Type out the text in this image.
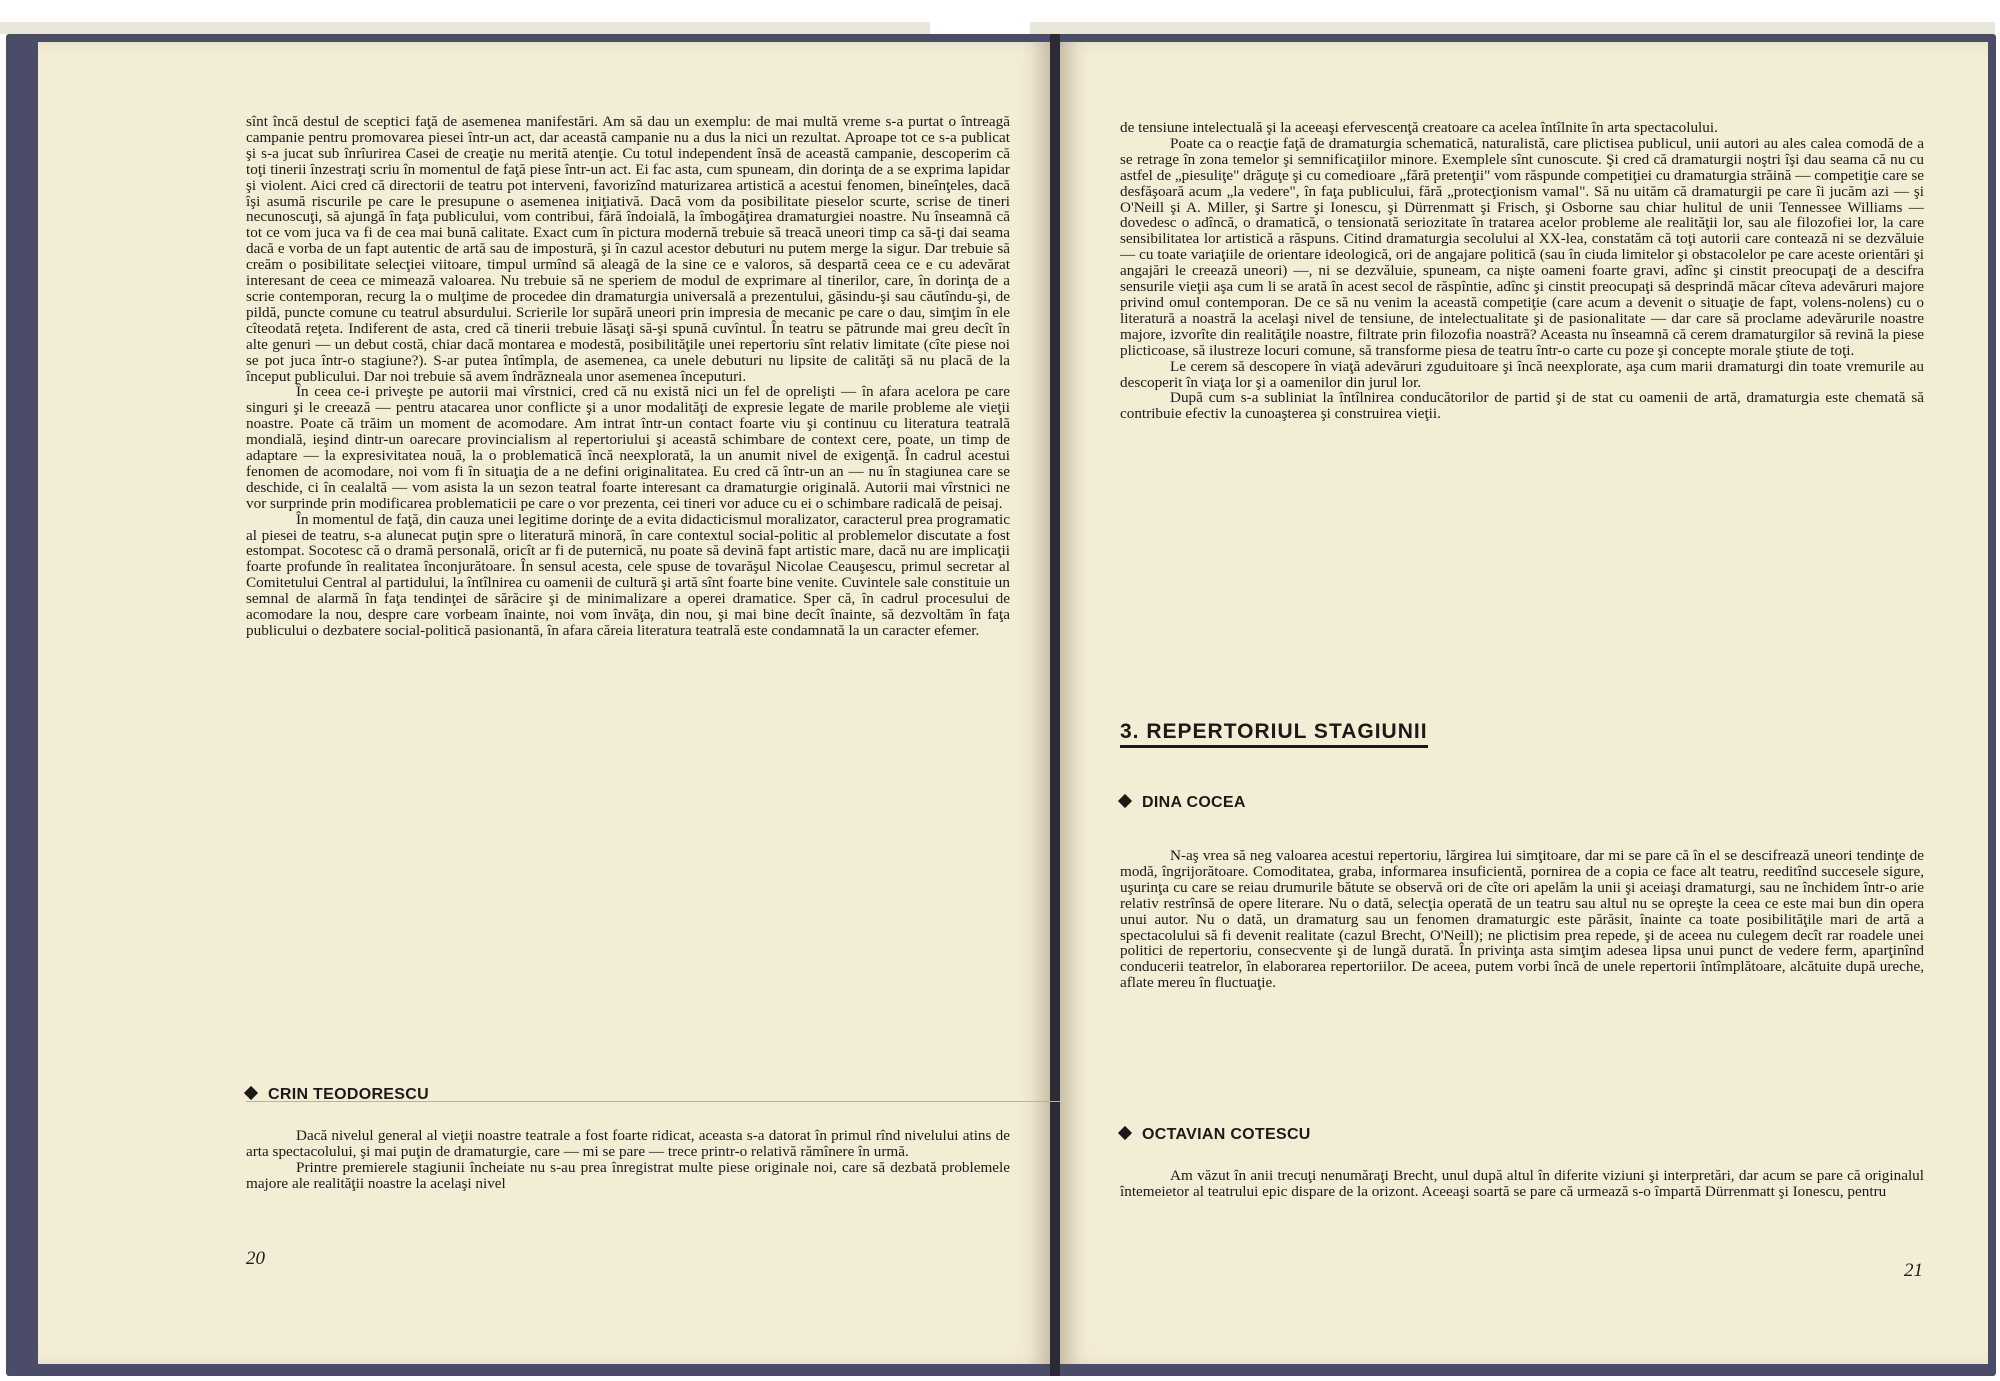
sînt încă destul de sceptici faţă de asemenea manifestări. Am să dau un exemplu: de mai multă vreme s-a purtat o întreagă campanie pentru promovarea piesei într-un act, dar această campanie nu a dus la nici un rezultat. Aproape tot ce s-a publicat şi s-a jucat sub înrîurirea Casei de creaţie nu merită atenţie. Cu totul independent însă de această campanie, descoperim că toţi tinerii înzestraţi scriu în momentul de faţă piese într-un act. Ei fac asta, cum spuneam, din dorinţa de a se exprima lapidar şi violent. Aici cred că directorii de teatru pot interveni, favorizînd maturizarea artistică a acestui fenomen, bineînţeles, dacă îşi asumă riscurile pe care le presupune o asemenea iniţiativă. Dacă vom da posibilitate pieselor scurte, scrise de tineri necunoscuţi, să ajungă în faţa publicului, vom contribui, fără îndoială, la îmbogăţirea dramaturgiei noastre. Nu înseamnă că tot ce vom juca va fi de cea mai bună calitate. Exact cum în pictura modernă trebuie să treacă uneori timp ca să-ţi dai seama dacă e vorba de un fapt autentic de artă sau de impostură, şi în cazul acestor debuturi nu putem merge la sigur. Dar trebuie să creăm o posibilitate selecţiei viitoare, timpul urmînd să aleagă de la sine ce e valoros, să despartă ceea ce e cu adevărat interesant de ceea ce mimează valoarea. Nu trebuie să ne speriem de modul de exprimare al tinerilor, care, în dorinţa de a scrie contemporan, recurg la o mulţime de procedee din dramaturgia universală a prezentului, găsindu-şi sau căutîndu-şi, de pildă, puncte comune cu teatrul absurdului. Scrierile lor supără uneori prin impresia de mecanic pe care o dau, simţim în ele cîteodată reţeta. Indiferent de asta, cred că tinerii trebuie lăsaţi să-şi spună cuvîntul. În teatru se pătrunde mai greu decît în alte genuri — un debut costă, chiar dacă montarea e modestă, posibilităţile unei repertoriu sînt relativ limitate (cîte piese noi se pot juca într-o stagiune?). S-ar putea întîmpla, de asemenea, ca unele debuturi nu lipsite de calităţi să nu placă de la început publicului. Dar noi trebuie să avem îndrăzneala unor asemenea începuturi.

În ceea ce-i priveşte pe autorii mai vîrstnici, cred că nu există nici un fel de oprelişti — în afara acelora pe care singuri şi le creează — pentru atacarea unor conflicte şi a unor modalităţi de expresie legate de marile probleme ale vieţii noastre. Poate că trăim un moment de acomodare. Am intrat într-un contact foarte viu şi continuu cu literatura teatrală mondială, ieşind dintr-un oarecare provincialism al repertoriului şi această schimbare de context cere, poate, un timp de adaptare — la expresivitatea nouă, la o problematică încă neexplorată, la un anumit nivel de exigenţă. În cadrul acestui fenomen de acomodare, noi vom fi în situaţia de a ne defini originalitatea. Eu cred că într-un an — nu în stagiunea care se deschide, ci în cealaltă — vom asista la un sezon teatral foarte interesant ca dramaturgie originală. Autorii mai vîrstnici ne vor surprinde prin modificarea problematicii pe care o vor prezenta, cei tineri vor aduce cu ei o schimbare radicală de peisaj.

În momentul de faţă, din cauza unei legitime dorinţe de a evita didacticismul moralizator, caracterul prea programatic al piesei de teatru, s-a alunecat puţin spre o literatură minoră, în care contextul social-politic al problemelor discutate a fost estompat. Socotesc că o dramă personală, oricît ar fi de puternică, nu poate să devină fapt artistic mare, dacă nu are implicaţii foarte profunde în realitatea înconjurătoare. În sensul acesta, cele spuse de tovarăşul Nicolae Ceauşescu, primul secretar al Comitetului Central al partidului, la întîlnirea cu oamenii de cultură şi artă sînt foarte bine venite. Cuvintele sale constituie un semnal de alarmă în faţa tendinţei de sărăcire şi de minimalizare a operei dramatice. Sper că, în cadrul procesului de acomodare la nou, despre care vorbeam înainte, noi vom învăţa, din nou, şi mai bine decît înainte, să dezvoltăm în faţa publicului o dezbatere social-politică pasionantă, în afara căreia literatura teatrală este condamnată la un caracter efemer.

CRIN TEODORESCU

Dacă nivelul general al vieţii noastre teatrale a fost foarte ridicat, aceasta s-a datorat în primul rînd nivelului atins de arta spectacolului, şi mai puţin de dramaturgie, care — mi se pare — trece printr-o relativă rămînere în urmă.

Printre premierele stagiunii încheiate nu s-au prea înregistrat multe piese originale noi, care să dezbată problemele majore ale realităţii noastre la acelaşi nivel

20

de tensiune intelectuală şi la aceeaşi efervescenţă creatoare ca acelea întîlnite în arta spectacolului.

Poate ca o reacţie faţă de dramaturgia schematică, naturalistă, care plictisea publicul, unii autori au ales calea comodă de a se retrage în zona temelor şi semnificaţiilor minore. Exemplele sînt cunoscute. Şi cred că dramaturgii noştri îşi dau seama că nu cu astfel de „piesuliţe" drăguţe şi cu comedioare „fără pretenţii" vom răspunde competiţiei cu dramaturgia străină — competiţie care se desfăşoară acum „la vedere", în faţa publicului, fără „protecţionism vamal". Să nu uităm că dramaturgii pe care îi jucăm azi — şi O'Neill şi A. Miller, şi Sartre şi Ionescu, şi Dürrenmatt şi Frisch, şi Osborne sau chiar hulitul de unii Tennessee Williams — dovedesc o adîncă, o dramatică, o tensionată seriozitate în tratarea acelor probleme ale realităţii lor, sau ale filozofiei lor, la care sensibilitatea lor artistică a răspuns. Citind dramaturgia secolului al XX-lea, constatăm că toţi autorii care contează ni se dezvăluie — cu toate variaţiile de orientare ideologică, ori de angajare politică (sau în ciuda limitelor şi obstacolelor pe care aceste orientări şi angajări le creează uneori) —, ni se dezvăluie, spuneam, ca nişte oameni foarte gravi, adînc şi cinstit preocupaţi de a descifra sensurile vieţii aşa cum li se arată în acest secol de răspîntie, adînc şi cinstit preocupaţi să desprindă măcar cîteva adevăruri majore privind omul contemporan. De ce să nu venim la această competiţie (care acum a devenit o situaţie de fapt, volens-nolens) cu o literatură a noastră la acelaşi nivel de tensiune, de intelectualitate şi de pasionalitate — dar care să proclame adevărurile noastre majore, izvorîte din realităţile noastre, filtrate prin filozofia noastră? Aceasta nu înseamnă că cerem dramaturgilor să revină la piese plicticoase, să ilustreze locuri comune, să transforme piesa de teatru într-o carte cu poze şi concepte morale ştiute de toţi.

Le cerem să descopere în viaţă adevăruri zguduitoare şi încă neexplorate, aşa cum marii dramaturgi din toate vremurile au descoperit în viaţa lor şi a oamenilor din jurul lor.

După cum s-a subliniat la întîlnirea conducătorilor de partid şi de stat cu oamenii de artă, dramaturgia este chemată să contribuie efectiv la cunoaşterea şi construirea vieţii.

3. REPERTORIUL STAGIUNII
DINA COCEA

N-aş vrea să neg valoarea acestui repertoriu, lărgirea lui simţitoare, dar mi se pare că în el se descifrează uneori tendinţe de modă, îngrijorătoare. Comoditatea, graba, informarea insuficientă, pornirea de a copia ce face alt teatru, reeditînd succesele sigure, uşurinţa cu care se reiau drumurile bătute se observă ori de cîte ori apelăm la unii şi aceiaşi dramaturgi, sau ne închidem într-o arie relativ restrînsă de opere literare. Nu o dată, selecţia operată de un teatru sau altul nu se opreşte la ceea ce este mai bun din opera unui autor. Nu o dată, un dramaturg sau un fenomen dramaturgic este părăsit, înainte ca toate posibilităţile mari de artă a spectacolului să fi devenit realitate (cazul Brecht, O'Neill); ne plictisim prea repede, şi de aceea nu culegem decît rar roadele unei politici de repertoriu, consecvente şi de lungă durată. În privinţa asta simţim adesea lipsa unui punct de vedere ferm, aparţinînd conducerii teatrelor, în elaborarea repertoriilor. De aceea, putem vorbi încă de unele repertorii întîmplătoare, alcătuite după ureche, aflate mereu în fluctuaţie.

OCTAVIAN COTESCU

Am văzut în anii trecuţi nenumăraţi Brecht, unul după altul în diferite viziuni şi interpretări, dar acum se pare că originalul întemeietor al teatrului epic dispare de la orizont. Aceeaşi soartă se pare că urmează s-o împartă Dürrenmatt şi Ionescu, pentru

21
